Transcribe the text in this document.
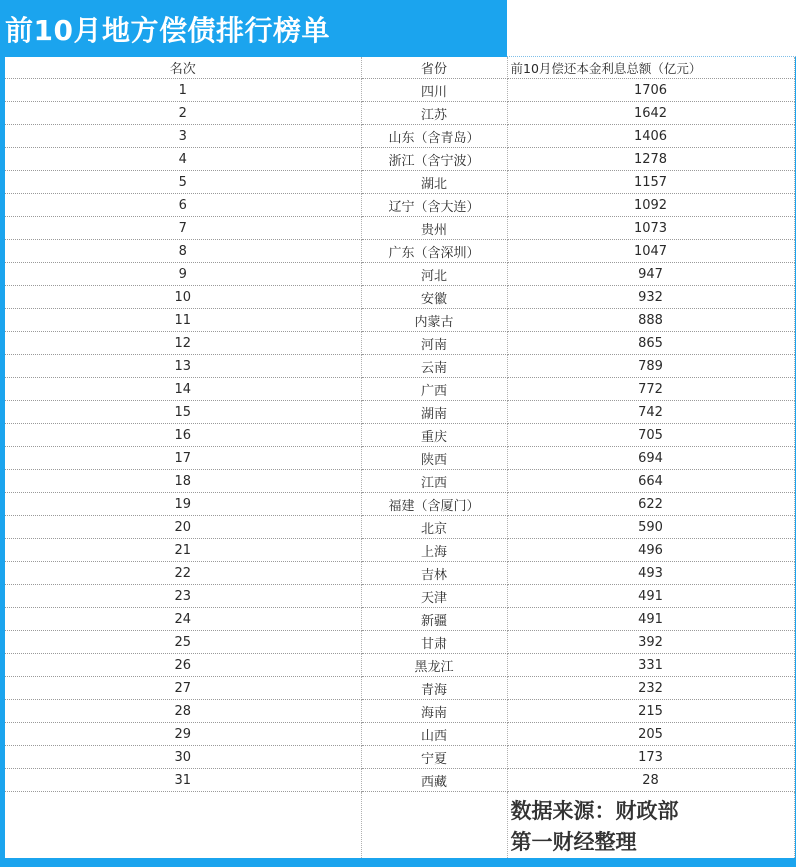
前10月地方偿债排行榜单
名次	省份	前10月偿还本金利息总额（亿元）
1	四川	1706
2	江苏	1642
3	山东（含青岛）	1406
4	浙江（含宁波）	1278
5	湖北	1157
6	辽宁（含大连）	1092
7	贵州	1073
8	广东（含深圳）	1047
9	河北	947
10	安徽	932
11	内蒙古	888
12	河南	865
13	云南	789
14	广西	772
15	湖南	742
16	重庆	705
17	陕西	694
18	江西	664
19	福建（含厦门）	622
20	北京	590
21	上海	496
22	吉林	493
23	天津	491
24	新疆	491
25	甘肃	392
26	黑龙江	331
27	青海	232
28	海南	215
29	山西	205
30	宁夏	173
31	西藏	28

		数据来源：财政部
第一财经整理
